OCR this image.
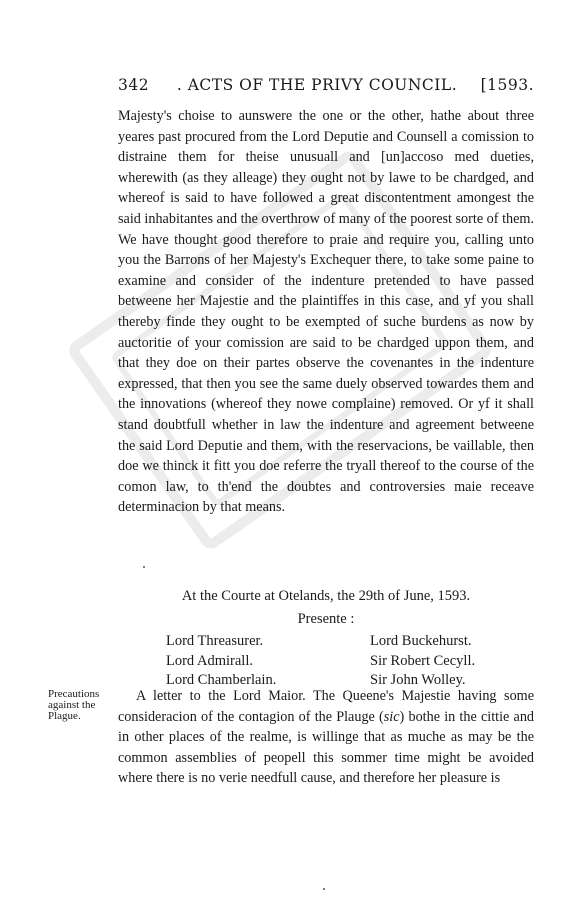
342	. ACTS OF THE PRIVY COUNCIL.	[1593.
Majesty's choise to aunswere the one or the other, hathe about three yeares past procured from the Lord Deputie and Counsell a comission to distraine them for theise unusuall and [un]accoso med dueties, wherewith (as they alleage) they ought not by lawe to be chardged, and whereof is said to have followed a great discontentment amongest the said inhabitantes and the overthrow of many of the poorest sorte of them. We have thought good therefore to praie and require you, calling unto you the Barrons of her Majesty's Exchequer there, to take some paine to examine and consider of the indenture pretended to have passed betweene her Majestie and the plaintiffes in this case, and yf you shall thereby finde they ought to be exempted of suche burdens as now by auctoritie of your comission are said to be chardged uppon them, and that they doe on their partes observe the covenantes in the indenture expressed, that then you see the same duely observed towardes them and the innovations (whereof they nowe complaine) removed. Or yf it shall stand doubtfull whether in law the indenture and agreement betweene the said Lord Deputie and them, with the reservacions, be vaillable, then doe we thinck it fitt you doe referre the tryall thereof to the course of the comon law, to th'end the doubtes and controversies maie receave determinacion by that means.
At the Courte at Otelands, the 29th of June, 1593.
Presente :
Lord Threasurer.	Lord Buckehurst.
Lord Admirall.	Sir Robert Cecyll.
Lord Chamberlain.	Sir John Wolley.
Precautions against the Plague.
A letter to the Lord Maior. The Queene's Majestie having some consideracion of the contagion of the Plauge (sic) bothe in the cittie and in other places of the realme, is willinge that as muche as may be the common assemblies of peopell this sommer time might be avoided where there is no verie needfull cause, and therefore her pleasure is
